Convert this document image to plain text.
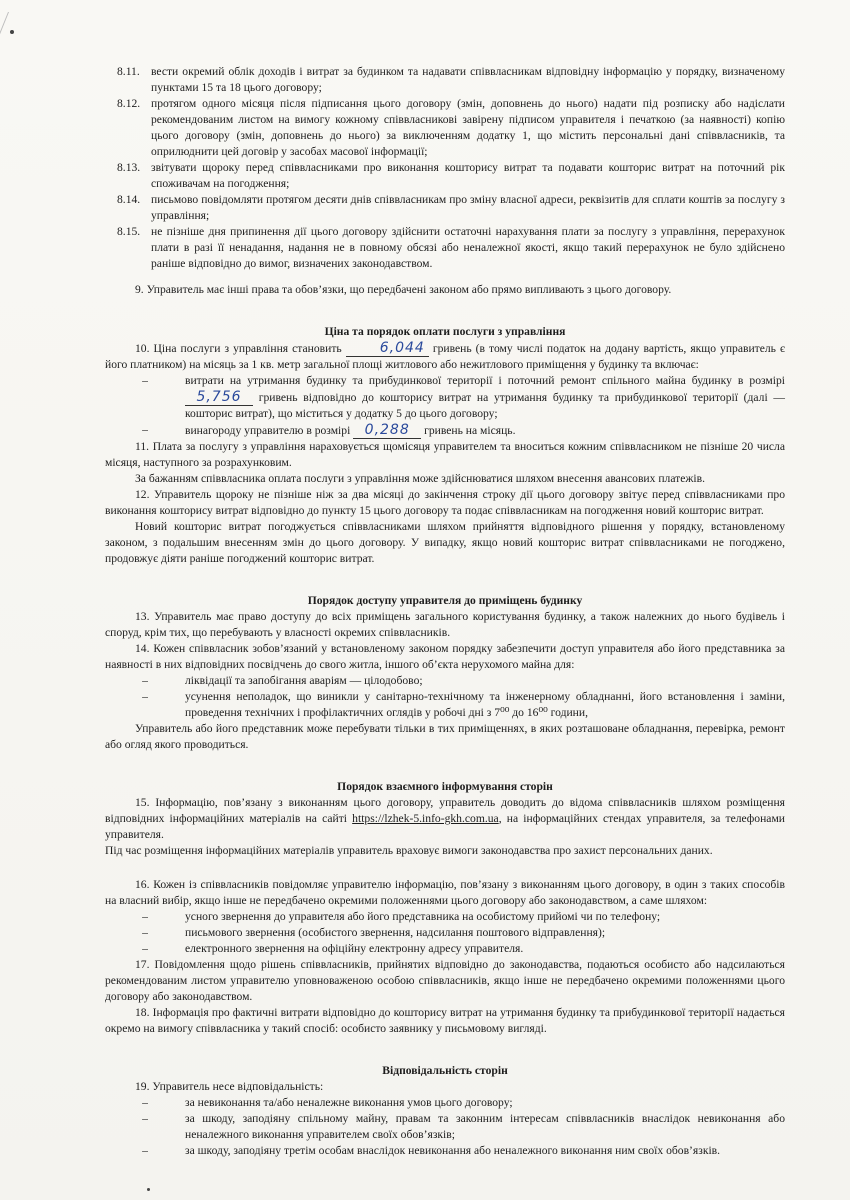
8.11. вести окремий облік доходів і витрат за будинком та надавати співвласникам відповідну інформацію у порядку, визначеному пунктами 15 та 18 цього договору;
8.12. протягом одного місяця після підписання цього договору (змін, доповнень до нього) надати під розписку або надіслати рекомендованим листом на вимогу кожному співвласникові завірену підписом управителя і печаткою (за наявності) копію цього договору (змін, доповнень до нього) за виключенням додатку 1, що містить персональні дані співвласників, та оприлюднити цей договір у засобах масової інформації;
8.13. звітувати щороку перед співвласниками про виконання кошторису витрат та подавати кошторис витрат на поточний рік споживачам на погодження;
8.14. письмово повідомляти протягом десяти днів співвласникам про зміну власної адреси, реквізитів для сплати коштів за послугу з управління;
8.15. не пізніше дня припинення дії цього договору здійснити остаточні нарахування плати за послугу з управління, перерахунок плати в разі її ненадання, надання не в повному обсязі або неналежної якості, якщо такий перерахунок не було здійснено раніше відповідно до вимог, визначених законодавством.

9. Управитель має інші права та обов’язки, що передбачені законом або прямо випливають з цього договору.

Ціна та порядок оплати послуги з управління

10. Ціна послуги з управління становить	6,044 гривень (в тому числі податок на додану вартість, якщо управитель є його платником) на місяць за 1 кв. метр загальної площі житлового або нежитлового приміщення у будинку та включає:

–	витрати на утримання будинку та прибудинкової території і поточний ремонт спільного майна будинку в розмірі 5,756 гривень відповідно до кошторису витрат на утримання будинку та прибудинкової території (далі — кошторис витрат), що міститься у додатку 5 до цього договору;
–	винагороду управителю в розмірі 0,288 гривень на місяць.

11. Плата за послугу з управління нараховується щомісяця управителем та вноситься кожним співвласником не пізніше 20 числа місяця, наступного за розрахунковим.

За бажанням співвласника оплата послуги з управління може здійснюватися шляхом внесення авансових платежів.

12. Управитель щороку не пізніше ніж за два місяці до закінчення строку дії цього договору звітує перед співвласниками про виконання кошторису витрат відповідно до пункту 15 цього договору та подає співвласникам на погодження новий кошторис витрат.

Новий кошторис витрат погоджується співвласниками шляхом прийняття відповідного рішення у порядку, встановленому законом, з подальшим внесенням змін до цього договору. У випадку, якщо новий кошторис витрат співвласниками не погоджено, продовжує діяти раніше погоджений кошторис витрат.

Порядок доступу управителя до приміщень будинку

13. Управитель має право доступу до всіх приміщень загального користування будинку, а також належних до нього будівель і споруд, крім тих, що перебувають у власності окремих співвласників.

14. Кожен співвласник зобов’язаний у встановленому законом порядку забезпечити доступ управителя або його представника за наявності в них відповідних посвідчень до свого житла, іншого об’єкта нерухомого майна для:

–	ліквідації та запобігання аваріям — цілодобово;
–	усунення неполадок, що виникли у санітарно-технічному та інженерному обладнанні, його встановлення і заміни, проведення технічних і профілактичних оглядів у робочі дні з 7⁰⁰ до 16⁰⁰ години,

Управитель або його представник може перебувати тільки в тих приміщеннях, в яких розташоване обладнання, перевірка, ремонт або огляд якого проводиться.

Порядок взаємного інформування сторін

15. Інформацію, пов’язану з виконанням цього договору, управитель доводить до відома співвласників шляхом розміщення відповідних інформаційних матеріалів на сайті https://lzhek-5.info-gkh.com.ua, на інформаційних стендах управителя, за телефонами управителя.

Під час розміщення інформаційних матеріалів управитель враховує вимоги законодавства про захист персональних даних.

16. Кожен із співвласників повідомляє управителю інформацію, пов’язану з виконанням цього договору, в один з таких способів на власний вибір, якщо інше не передбачено окремими положеннями цього договору або законодавством, а саме шляхом:

–	усного звернення до управителя або його представника на особистому прийомі чи по телефону;
–	письмового звернення (особистого звернення, надсилання поштового відправлення);
–	електронного звернення на офіційну електронну адресу управителя.

17. Повідомлення щодо рішень співвласників, прийнятих відповідно до законодавства, подаються особисто або надсилаються рекомендованим листом управителю уповноваженою особою співвласників, якщо інше не передбачено окремими положеннями цього договору або законодавством.

18. Інформація про фактичні витрати відповідно до кошторису витрат на утримання будинку та прибудинкової території надається окремо на вимогу співвласника у такий спосіб: особисто заявнику у письмовому вигляді.

Відповідальність сторін

19. Управитель несе відповідальність:

–	за невиконання та/або неналежне виконання умов цього договору;
–	за шкоду, заподіяну спільному майну, правам та законним інтересам співвласників внаслідок невиконання або неналежного виконання управителем своїх обов’язків;
–	за шкоду, заподіяну третім особам внаслідок невиконання або неналежного виконання ним своїх обов’язків.
